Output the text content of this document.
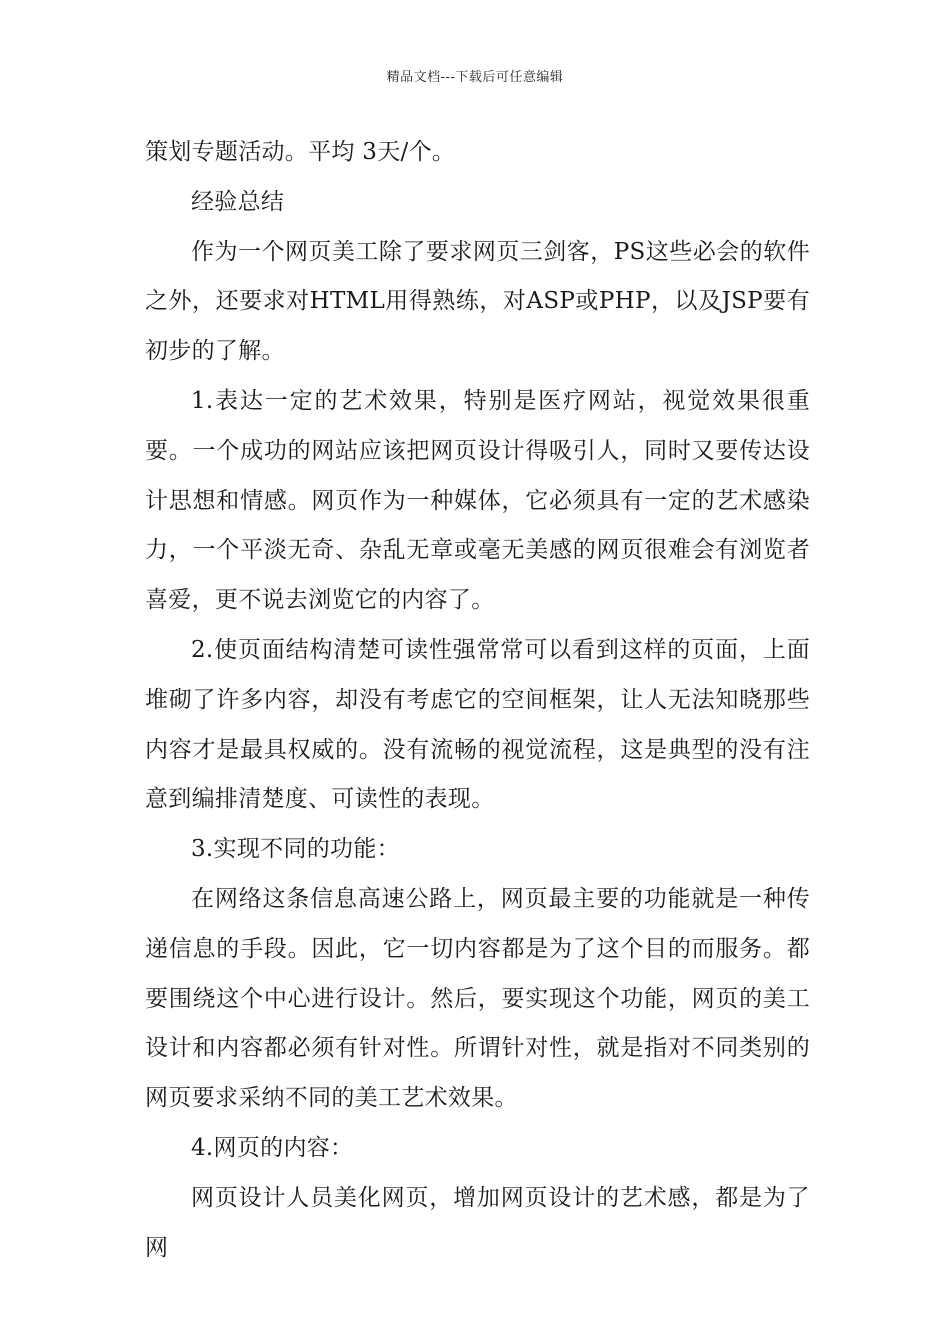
精品文档---下载后可任意编辑

策划专题活动。平均 3天/个。

经验总结

作为一个网页美工除了要求网页三剑客，PS这些必会的软件之外，还要求对HTML用得熟练，对ASP或PHP，以及JSP要有初步的了解。

1.表达一定的艺术效果，特别是医疗网站，视觉效果很重要。一个成功的网站应该把网页设计得吸引人，同时又要传达设计思想和情感。网页作为一种媒体，它必须具有一定的艺术感染力，一个平淡无奇、杂乱无章或毫无美感的网页很难会有浏览者喜爱，更不说去浏览它的内容了。

2.使页面结构清楚可读性强常常可以看到这样的页面，上面堆砌了许多内容，却没有考虑它的空间框架，让人无法知晓那些内容才是最具权威的。没有流畅的视觉流程，这是典型的没有注意到编排清楚度、可读性的表现。

3.实现不同的功能：

在网络这条信息高速公路上，网页最主要的功能就是一种传递信息的手段。因此，它一切内容都是为了这个目的而服务。都要围绕这个中心进行设计。然后，要实现这个功能，网页的美工设计和内容都必须有针对性。所谓针对性，就是指对不同类别的网页要求采纳不同的美工艺术效果。

4.网页的内容：

网页设计人员美化网页，增加网页设计的艺术感，都是为了网
